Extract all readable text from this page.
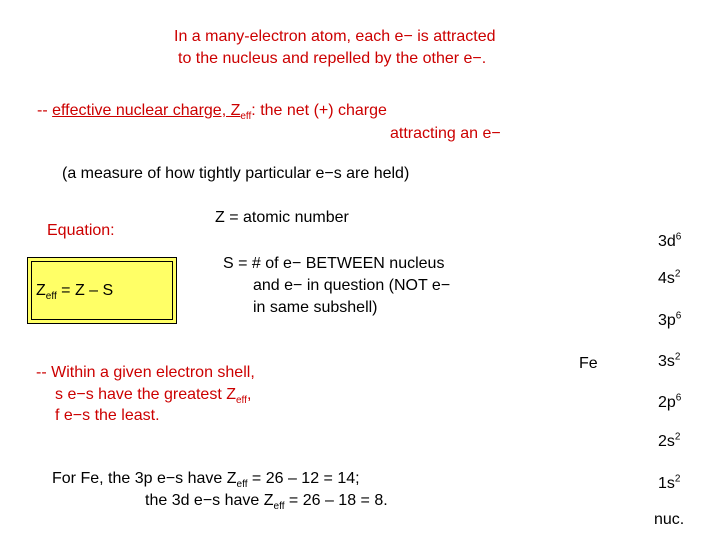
In a many-electron atom, each e− is attracted
to the nucleus and repelled by the other e−.
-- effective nuclear charge, $Z_{eff}$: the net (+) charge
attracting an e−
(a measure of how tightly particular e−s are held)
Equation:
$Z_{eff} = Z - S$
Z = atomic number
S = # of e− BETWEEN nucleus
and e− in question (NOT e−
in same subshell)
-- Within a given electron shell,
s e−s have the greatest $Z_{eff}$,
f e−s the least.
For Fe, the 3p e−s have $Z_{eff} = 26 - 12 = 14$;
the 3d e−s have $Z_{eff} = 26 - 18 = 8$.
Fe
$3d^6$
$4s^2$
$3p^6$
$3s^2$
$2p^6$
$2s^2$
$1s^2$
nuc.
